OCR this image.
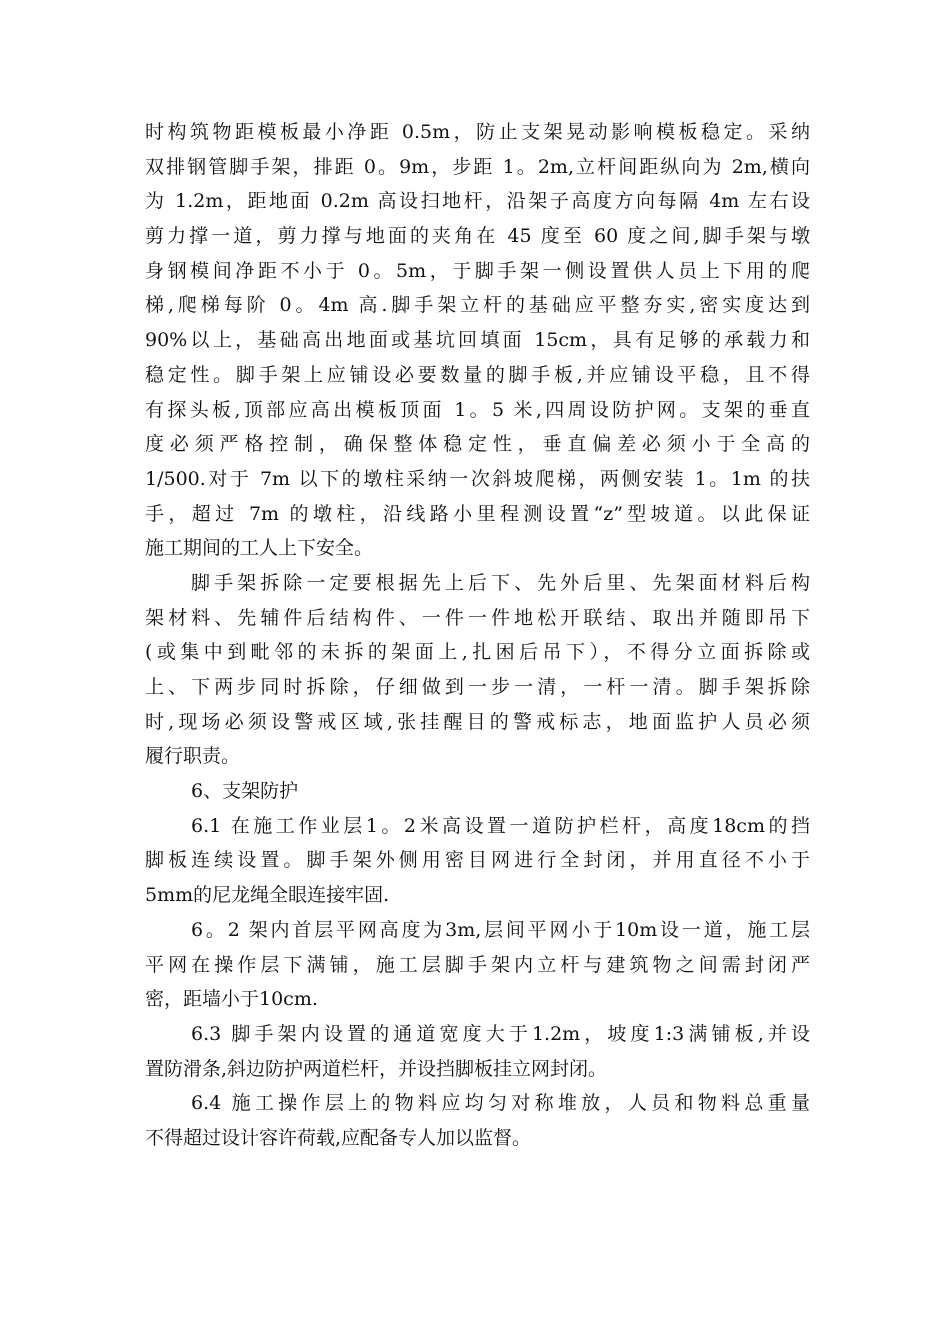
时构筑物距模板最小净距 0.5m，防止支架晃动影响模板稳定。采纳
双排钢管脚手架，排距 0。9m，步距 1。2m,立杆间距纵向为 2m,横向
为 1.2m，距地面 0.2m 高设扫地杆，沿架子高度方向每隔 4m 左右设
剪力撑一道，剪力撑与地面的夹角在 45 度至 60 度之间,脚手架与墩
身钢模间净距不小于 0。5m，于脚手架一侧设置供人员上下用的爬
梯,爬梯每阶 0。4m 高.脚手架立杆的基础应平整夯实,密实度达到
90%以上，基础高出地面或基坑回填面 15cm，具有足够的承载力和
稳定性。脚手架上应铺设必要数量的脚手板,并应铺设平稳，且不得
有探头板,顶部应高出模板顶面 1。5 米,四周设防护网。支架的垂直
度必须严格控制，确保整体稳定性，垂直偏差必须小于全高的
1/500.对于 7m 以下的墩柱采纳一次斜坡爬梯，两侧安装 1。1m 的扶
手，超过 7m 的墩柱，沿线路小里程测设置“z”型坡道。以此保证
施工期间的工人上下安全。
脚手架拆除一定要根据先上后下、先外后里、先架面材料后构
架材料、先辅件后结构件、一件一件地松开联结、取出并随即吊下
(或集中到毗邻的未拆的架面上,扎困后吊下），不得分立面拆除或
上、下两步同时拆除，仔细做到一步一清，一杆一清。脚手架拆除
时,现场必须设警戒区域,张挂醒目的警戒标志，地面监护人员必须
履行职责。
6、支架防护
6.1 在施工作业层1。2米高设置一道防护栏杆，高度18cm的挡
脚板连续设置。脚手架外侧用密目网进行全封闭，并用直径不小于
5mm的尼龙绳全眼连接牢固.
6。2 架内首层平网高度为3m,层间平网小于10m设一道，施工层
平网在操作层下满铺，施工层脚手架内立杆与建筑物之间需封闭严
密，距墙小于10cm.
6.3 脚手架内设置的通道宽度大于1.2m，坡度1:3满铺板,并设
置防滑条,斜边防护两道栏杆，并设挡脚板挂立网封闭。
6.4 施工操作层上的物料应均匀对称堆放，人员和物料总重量
不得超过设计容许荷载,应配备专人加以监督。
